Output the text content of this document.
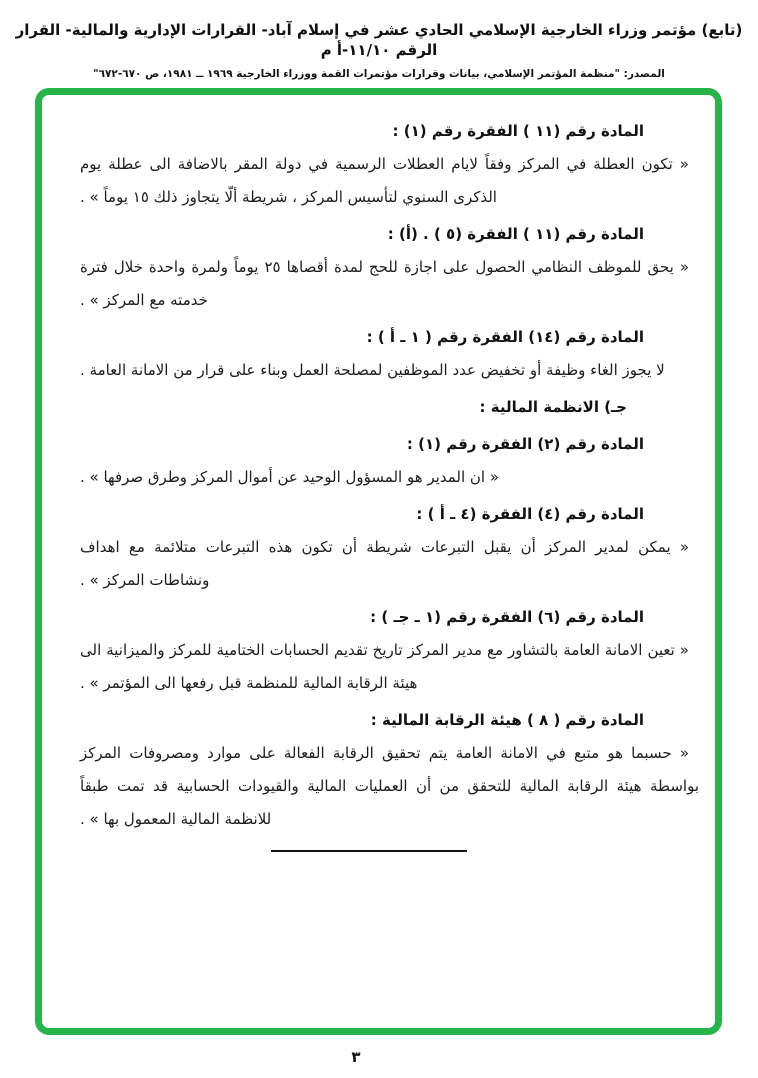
(تابع) مؤتمر وزراء الخارجية الإسلامي الحادي عشر في إسلام آباد- القرارات الإدارية والمالية- القرار الرقم ١١/١٠-أ م
المصدر: "منظمة المؤتمر الإسلامي، بيانات وقرارات مؤتمرات القمة ووزراء الخارجية ١٩٦٩ ــ ١٩٨١، ص ٦٧٠-٦٧٢"
المادة رقم (١١ ) الفقرة رقم (١) :

« تكون العطلة في المركز وفقاً لايام العطلات الرسمية في دولة المقر بالاضافة الى عطلة يوم الذكرى السنوي لتأسيس المركز ، شريطة ألّا يتجاوز ذلك ١٥ يوماً » .

المادة رقم (١١ ) الفقرة (٥ ) . (أ) :

« يحق للموظف النظامي الحصول على اجازة للحج لمدة أقصاها ٢٥ يوماً ولمرة واحدة خلال فترة خدمته مع المركز » .

المادة رقم (١٤) الفقرة رقم ( ١ ـ أ ) :

لا يجوز الغاء وظيفة أو تخفيض عدد الموظفين لمصلحة العمل وبناء على قرار من الامانة العامة .

جـ) الانظمة المالية :
المادة رقم (٢) الفقرة رقم (١) :

« ان المدير هو المسؤول الوحيد عن أموال المركز وطرق صرفها » .

المادة رقم (٤) الفقرة (٤ ـ أ ) :

« يمكن لمدير المركز أن يقبل التبرعات شريطة أن تكون هذه التبرعات متلائمة مع اهداف ونشاطات المركز » .

المادة رقم (٦) الفقرة رقم (١ ـ جـ ) :

« تعين الامانة العامة بالتشاور مع مدير المركز تاريخ تقديم الحسابات الختامية للمركز والميزانية الى هيئة الرقابة المالية للمنظمة قبل رفعها الى المؤتمر » .

المادة رقم ( ٨ ) هيئة الرقابة المالية :

« حسبما هو متبع في الامانة العامة يتم تحقيق الرقابة الفعالة على موارد ومصروفات المركز بواسطة هيئة الرقابة المالية للتحقق من أن العمليات المالية والقيودات الحسابية قد تمت طبقاً للانظمة المالية المعمول بها » .

٣
